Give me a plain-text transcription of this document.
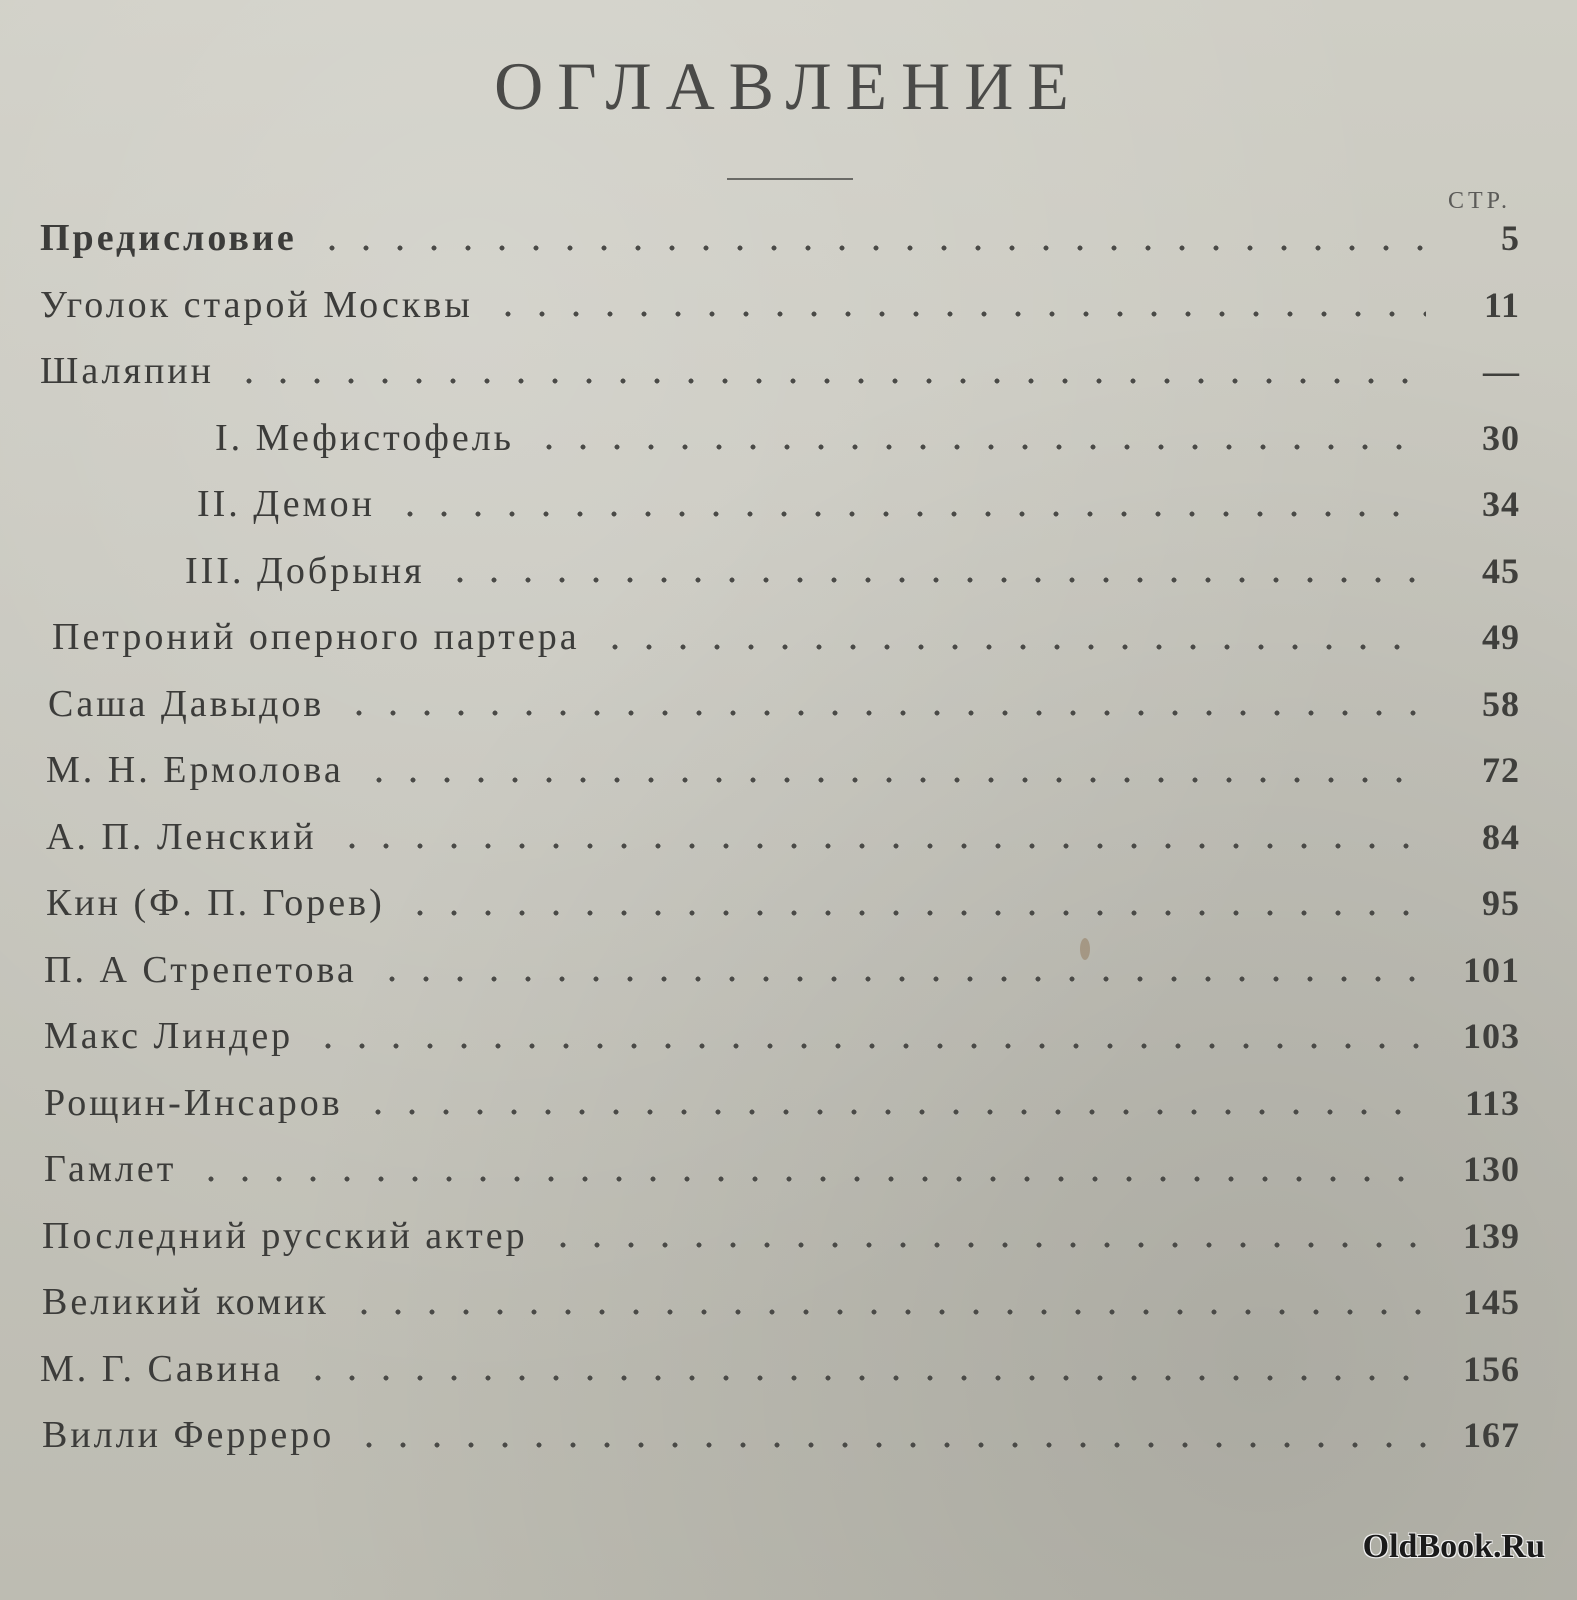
ОГЛАВЛЕНИЕ
СТР.
Предисловие	5
Уголок старой Москвы	11
Шаляпин	—
I. Мефистофель	30
II. Демон	34
III. Добрыня	45
Петроний оперного партера	49
Саша Давыдов	58
М. Н. Ермолова	72
А. П. Ленский	84
Кин (Ф. П. Горев)	95
П. А Стрепетова	101
Макс Линдер	103
Рощин-Инсаров	113
Гамлет	130
Последний русский актер	139
Великий комик	145
М. Г. Савина	156
Вилли Ферреро	167
OldBook.Ru
